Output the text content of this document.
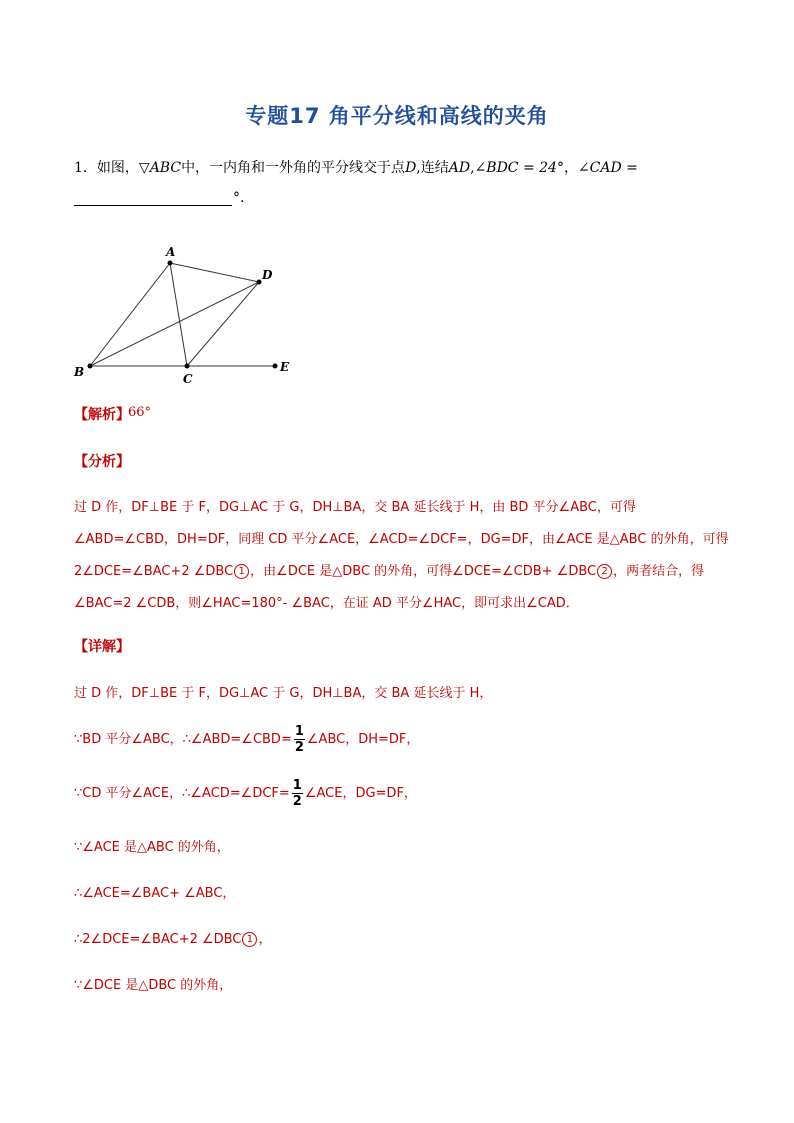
专题17 角平分线和高线的夹角
1．如图，▽ABC中，一内角和一外角的平分线交于点D,连结AD,∠BDC = 24°，∠CAD =
°.
A
D
B	C
E
【解析】
66°
【分析】
过 D 作，DF⊥BE 于 F，DG⊥AC 于 G，DH⊥BA，交 BA 延长线于 H，由 BD 平分∠ABC，可得
∠ABD=∠CBD，DH=DF，同理 CD 平分∠ACE，∠ACD=∠DCF=，DG=DF，由∠ACE 是△ABC 的外角，可得
2∠DCE=∠BAC+2 ∠DBC 1 ，由∠DCE 是△DBC 的外角，可得∠DCE=∠CDB+ ∠DBC 2 ，两者结合，得
∠BAC=2 ∠CDB，则∠HAC=180°- ∠BAC，在证 AD 平分∠HAC，即可求出∠CAD．
【详解】
过 D 作，DF⊥BE 于 F，DG⊥AC 于 G，DH⊥BA，交 BA 延长线于 H，
∵BD 平分∠ABC，∴∠ABD=∠CBD= $\frac{1}{2}$ ∠ABC，DH=DF，
∵CD 平分∠ACE，∴∠ACD=∠DCF= $\frac{1}{2}$ ∠ACE，DG=DF，
∵∠ACE 是△ABC 的外角，
∴∠ACE=∠BAC+ ∠ABC，
∴2∠DCE=∠BAC+2 ∠DBC 1 ，
∵∠DCE 是△DBC 的外角，
